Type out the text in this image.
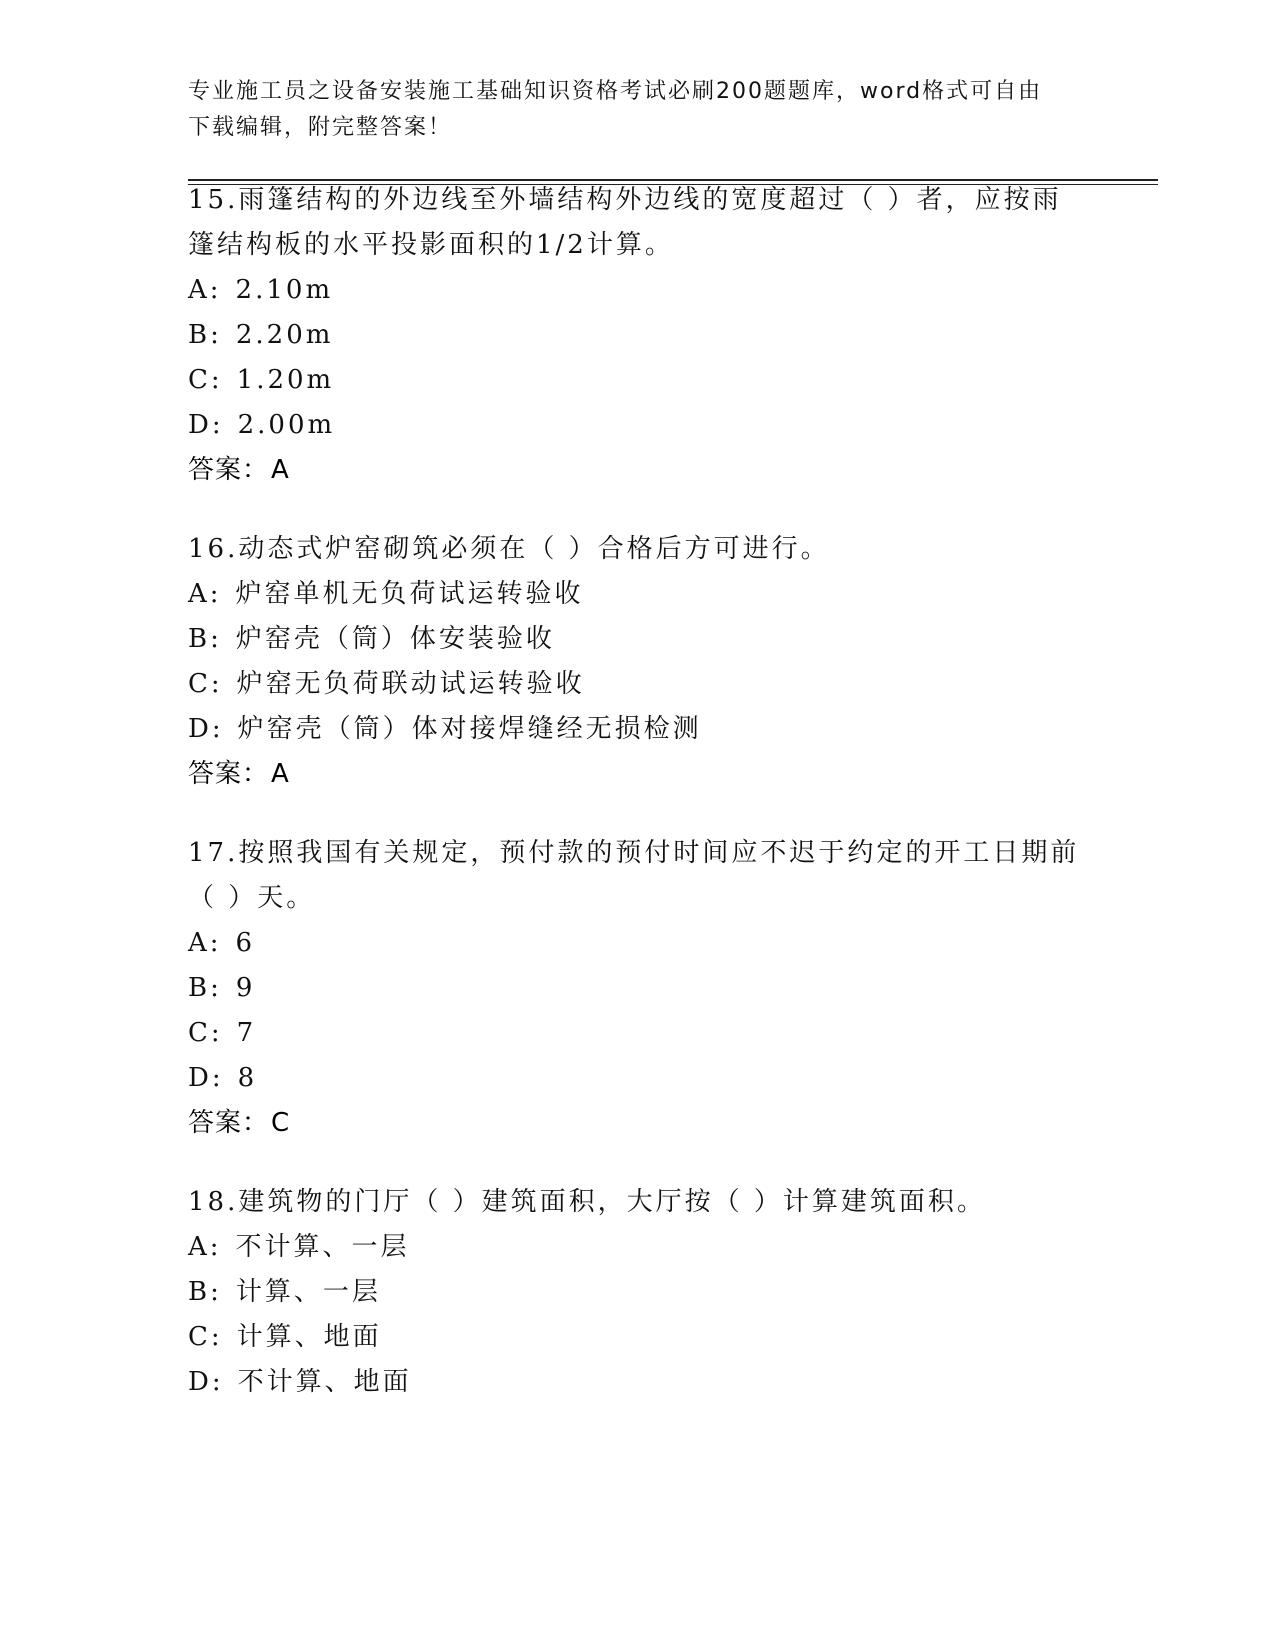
专业施工员之设备安装施工基础知识资格考试必刷200题题库，word格式可自由
下载编辑，附完整答案！
15.雨篷结构的外边线至外墙结构外边线的宽度超过（ ）者，应按雨
篷结构板的水平投影面积的1/2计算。
A: 2.10m
B: 2.20m
C: 1.20m
D: 2.00m
答案：A
16.动态式炉窑砌筑必须在（ ）合格后方可进行。
A: 炉窑单机无负荷试运转验收
B: 炉窑壳（筒）体安装验收
C: 炉窑无负荷联动试运转验收
D: 炉窑壳（筒）体对接焊缝经无损检测
答案：A
17.按照我国有关规定，预付款的预付时间应不迟于约定的开工日期前
（ ）天。
A: 6
B: 9
C: 7
D: 8
答案：C
18.建筑物的门厅（ ）建筑面积，大厅按（ ）计算建筑面积。
A: 不计算、一层
B: 计算、一层
C: 计算、地面
D: 不计算、地面
